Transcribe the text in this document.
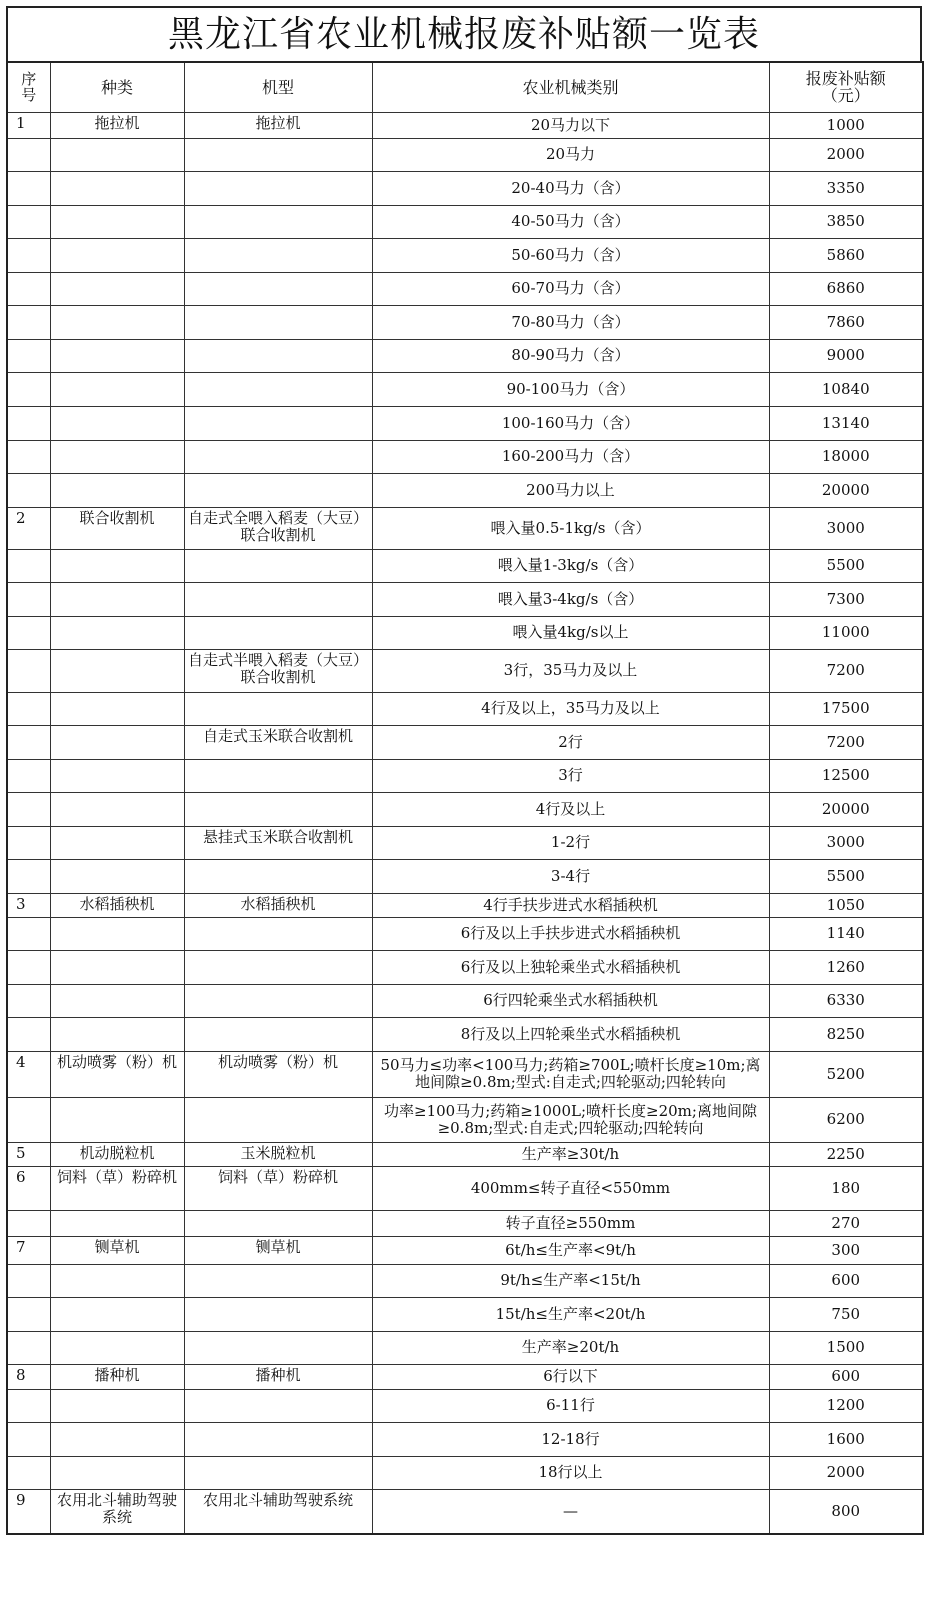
黑龙江省农业机械报废补贴额一览表
序号	种类	机型	农业机械类别	报废补贴额（元）
1	拖拉机	拖拉机	20马力以下	1000
			20马力	2000
			20-40马力（含）	3350
			40-50马力（含）	3850
			50-60马力（含）	5860
			60-70马力（含）	6860
			70-80马力（含）	7860
			80-90马力（含）	9000
			90-100马力（含）	10840
			100-160马力（含）	13140
			160-200马力（含）	18000
			200马力以上	20000
2	联合收割机	自走式全喂入稻麦（大豆）联合收割机	喂入量0.5-1kg/s（含）	3000
			喂入量1-3kg/s（含）	5500
			喂入量3-4kg/s（含）	7300
			喂入量4kg/s以上	11000
		自走式半喂入稻麦（大豆）联合收割机	3行，35马力及以上	7200
			4行及以上，35马力及以上	17500
		自走式玉米联合收割机	2行	7200
			3行	12500
			4行及以上	20000
		悬挂式玉米联合收割机	1-2行	3000
			3-4行	5500
3	水稻插秧机	水稻插秧机	4行手扶步进式水稻插秧机	1050
			6行及以上手扶步进式水稻插秧机	1140
			6行及以上独轮乘坐式水稻插秧机	1260
			6行四轮乘坐式水稻插秧机	6330
			8行及以上四轮乘坐式水稻插秧机	8250
4	机动喷雾（粉）机	机动喷雾（粉）机	50马力≤功率<100马力;药箱≥700L;喷杆长度≥10m;离地间隙≥0.8m;型式:自走式;四轮驱动;四轮转向	5200
			功率≥100马力;药箱≥1000L;喷杆长度≥20m;离地间隙≥0.8m;型式:自走式;四轮驱动;四轮转向	6200
5	机动脱粒机	玉米脱粒机	生产率≥30t/h	2250
6	饲料（草）粉碎机	饲料（草）粉碎机	400mm≤转子直径<550mm	180
			转子直径≥550mm	270
7	铡草机	铡草机	6t/h≤生产率<9t/h	300
			9t/h≤生产率<15t/h	600
			15t/h≤生产率<20t/h	750
			生产率≥20t/h	1500
8	播种机	播种机	6行以下	600
			6-11行	1200
			12-18行	1600
			18行以上	2000
9	农用北斗辅助驾驶系统	农用北斗辅助驾驶系统	—	800
